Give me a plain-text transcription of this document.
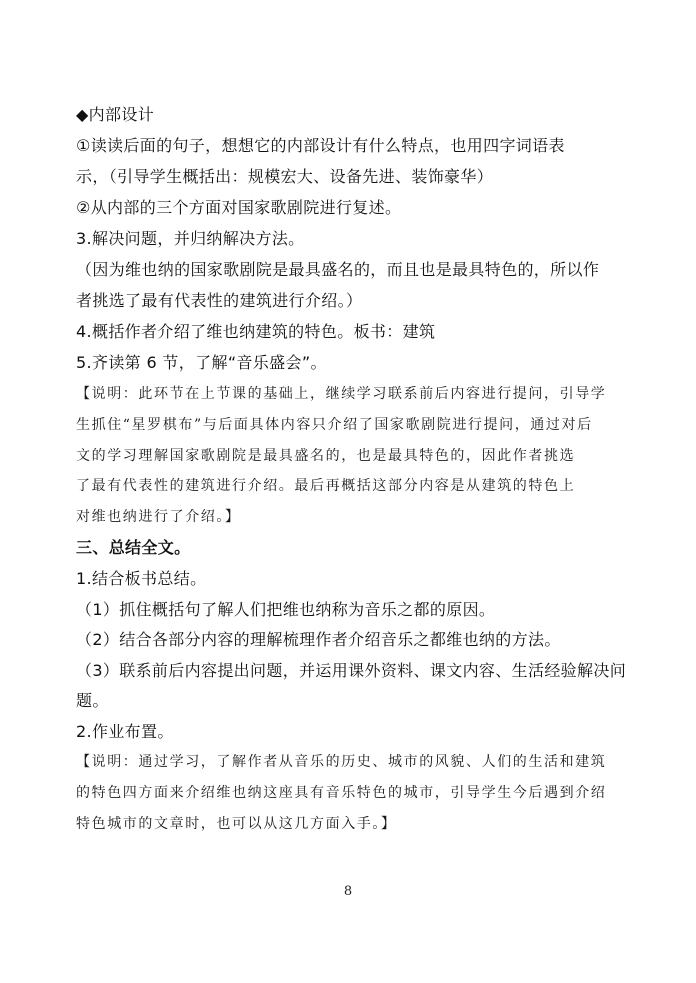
◆内部设计
①读读后面的句子，想想它的内部设计有什么特点，也用四字词语表
示，（引导学生概括出：规模宏大、设备先进、装饰豪华）
②从内部的三个方面对国家歌剧院进行复述。
3.解决问题，并归纳解决方法。
（因为维也纳的国家歌剧院是最具盛名的，而且也是最具特色的，所以作
者挑选了最有代表性的建筑进行介绍。）
4.概括作者介绍了维也纳建筑的特色。板书：建筑
5.齐读第 6 节，了解“音乐盛会”。
【说明：此环节在上节课的基础上，继续学习联系前后内容进行提问，引导学
生抓住“星罗棋布”与后面具体内容只介绍了国家歌剧院进行提问，通过对后
文的学习理解国家歌剧院是最具盛名的，也是最具特色的，因此作者挑选
了最有代表性的建筑进行介绍。最后再概括这部分内容是从建筑的特色上
对维也纳进行了介绍。】
三、总结全文。
1.结合板书总结。
（1）抓住概括句了解人们把维也纳称为音乐之都的原因。
（2）结合各部分内容的理解梳理作者介绍音乐之都维也纳的方法。
（3）联系前后内容提出问题，并运用课外资料、课文内容、生活经验解决问
题。
2.作业布置。
【说明：通过学习，了解作者从音乐的历史、城市的风貌、人们的生活和建筑
的特色四方面来介绍维也纳这座具有音乐特色的城市，引导学生今后遇到介绍
特色城市的文章时，也可以从这几方面入手。】
8
